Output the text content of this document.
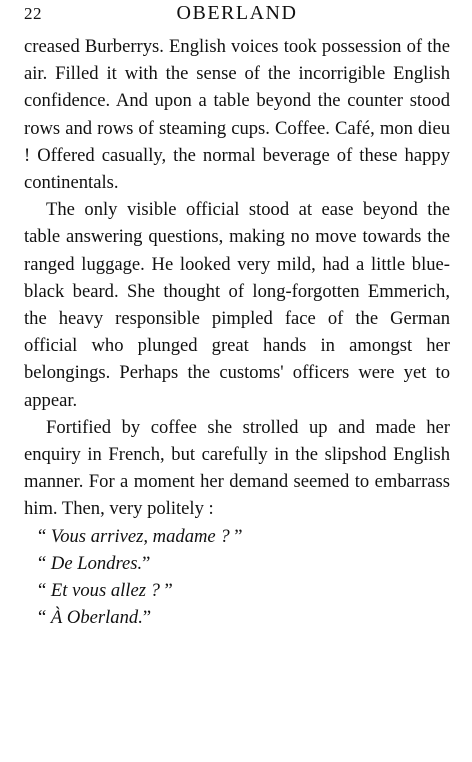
22	OBERLAND

creased Burberrys. English voices took possession of the air. Filled it with the sense of the incorrigible English confidence. And upon a table beyond the counter stood rows and rows of steaming cups. Coffee. Café, mon dieu ! Offered casually, the normal beverage of these happy continentals.

The only visible official stood at ease beyond the table answering questions, making no move towards the ranged luggage. He looked very mild, had a little blue-black beard. She thought of long-forgotten Emmerich, the heavy responsible pimpled face of the German official who plunged great hands in amongst her belongings. Perhaps the customs' officers were yet to appear.

Fortified by coffee she strolled up and made her enquiry in French, but carefully in the slipshod English manner. For a moment her demand seemed to embarrass him. Then, very politely :

“ Vous arrivez, madame ? ”
“ De Londres.”
“ Et vous allez ? ”
“ À Oberland.”
